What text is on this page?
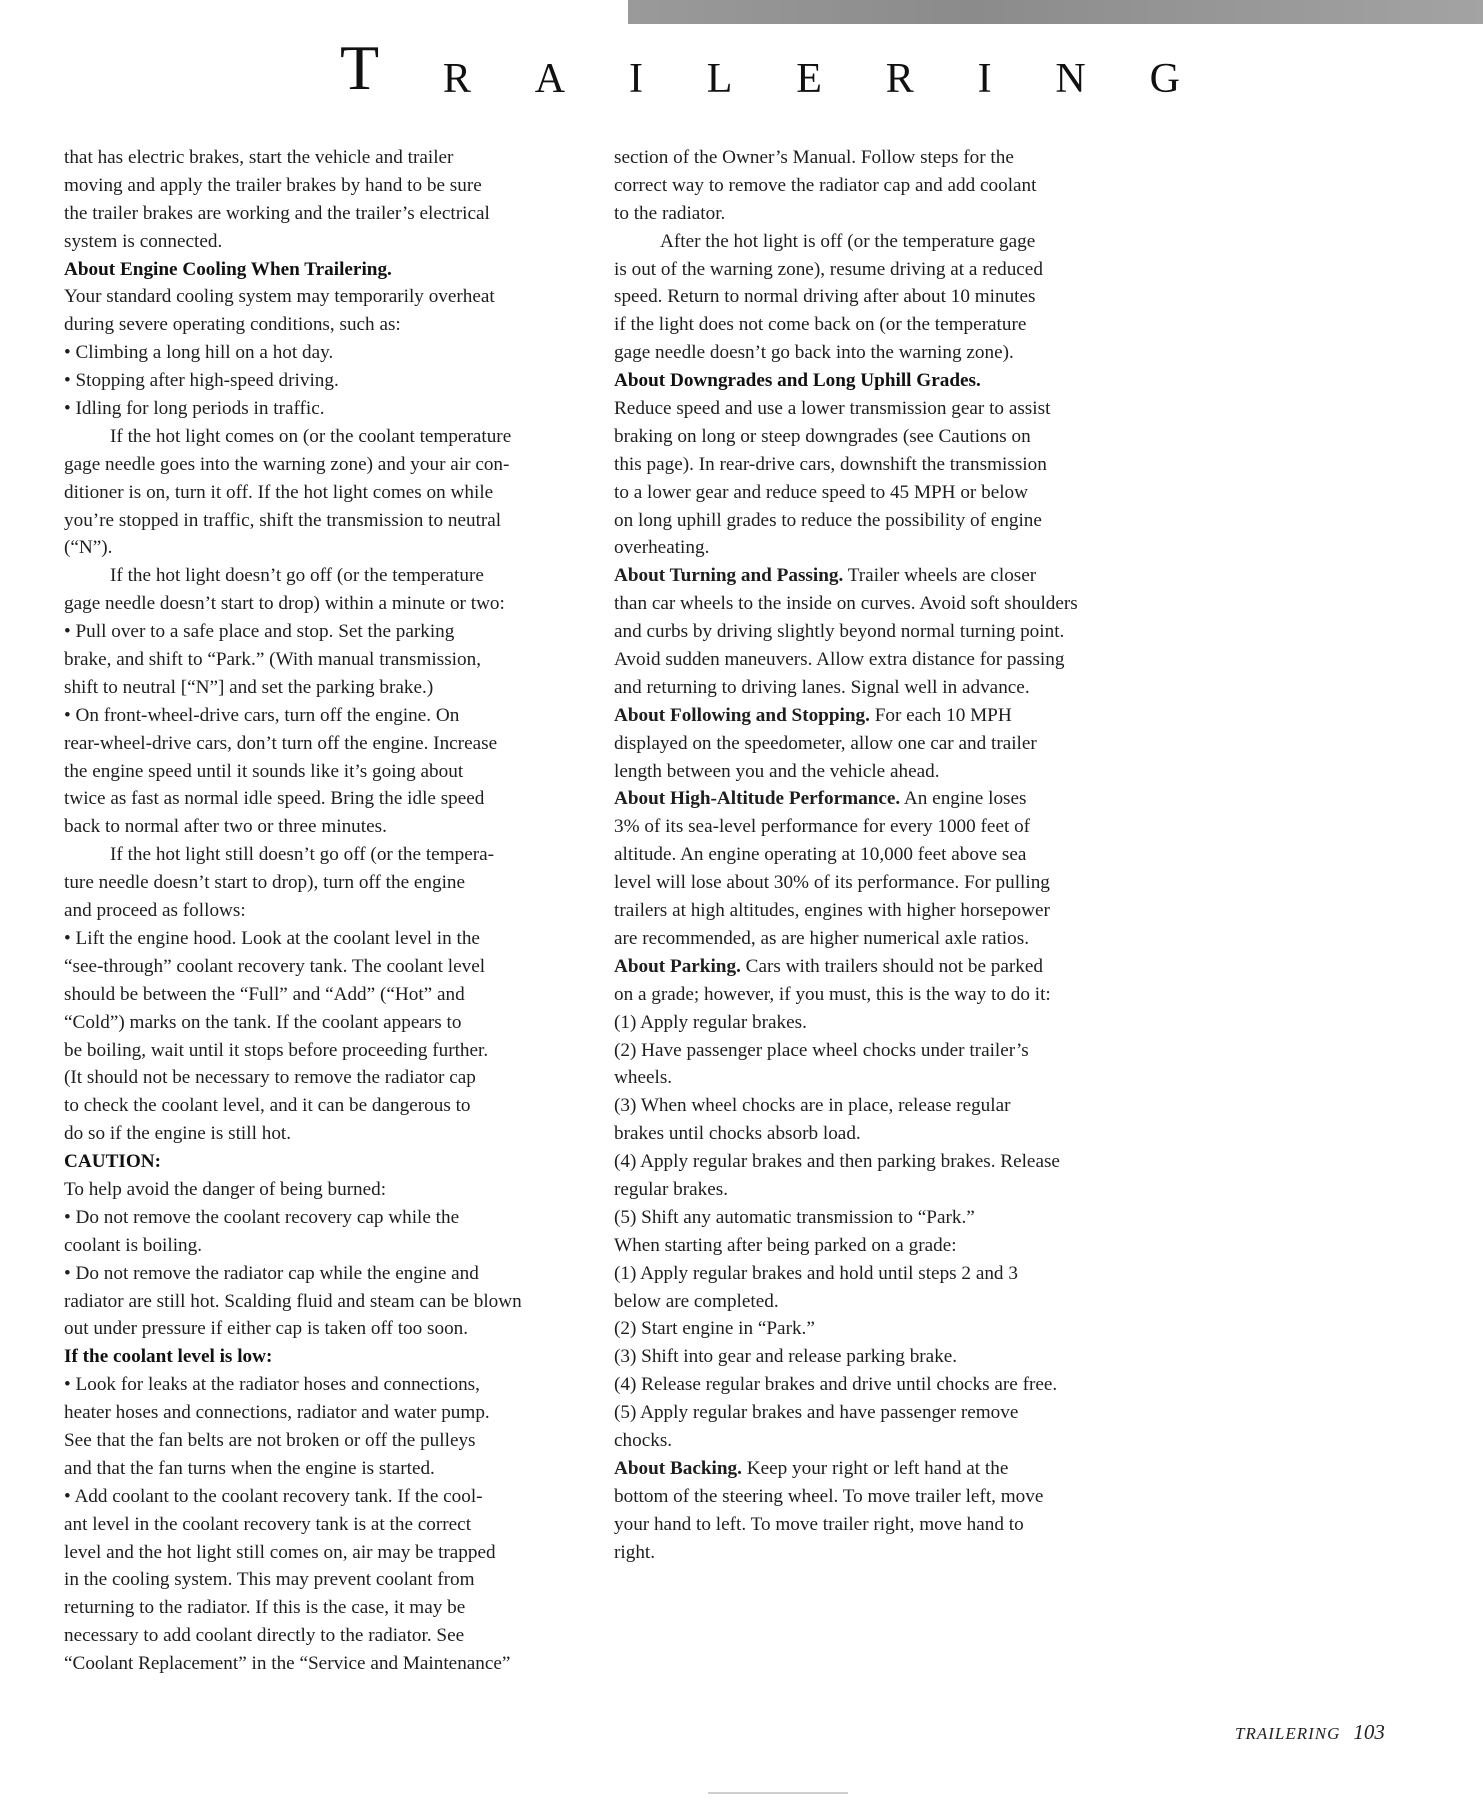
T R A I L E R I N G
that has electric brakes, start the vehicle and trailer
moving and apply the trailer brakes by hand to be sure
the trailer brakes are working and the trailer’s electrical
system is connected.
About Engine Cooling When Trailering.
Your standard cooling system may temporarily overheat
during severe operating conditions, such as:
• Climbing a long hill on a hot day.
• Stopping after high-speed driving.
• Idling for long periods in traffic.
If the hot light comes on (or the coolant temperature
gage needle goes into the warning zone) and your air con-
ditioner is on, turn it off. If the hot light comes on while
you’re stopped in traffic, shift the transmission to neutral
(“N”).
If the hot light doesn’t go off (or the temperature
gage needle doesn’t start to drop) within a minute or two:
• Pull over to a safe place and stop. Set the parking
brake, and shift to “Park.” (With manual transmission,
shift to neutral [“N”] and set the parking brake.)
• On front-wheel-drive cars, turn off the engine. On
rear-wheel-drive cars, don’t turn off the engine. Increase
the engine speed until it sounds like it’s going about
twice as fast as normal idle speed. Bring the idle speed
back to normal after two or three minutes.
If the hot light still doesn’t go off (or the tempera-
ture needle doesn’t start to drop), turn off the engine
and proceed as follows:
• Lift the engine hood. Look at the coolant level in the
“see-through” coolant recovery tank. The coolant level
should be between the “Full” and “Add” (“Hot” and
“Cold”) marks on the tank. If the coolant appears to
be boiling, wait until it stops before proceeding further.
(It should not be necessary to remove the radiator cap
to check the coolant level, and it can be dangerous to
do so if the engine is still hot.
CAUTION:
To help avoid the danger of being burned:
• Do not remove the coolant recovery cap while the
coolant is boiling.
• Do not remove the radiator cap while the engine and
radiator are still hot. Scalding fluid and steam can be blown
out under pressure if either cap is taken off too soon.
If the coolant level is low:
• Look for leaks at the radiator hoses and connections,
heater hoses and connections, radiator and water pump.
See that the fan belts are not broken or off the pulleys
and that the fan turns when the engine is started.
• Add coolant to the coolant recovery tank. If the cool-
ant level in the coolant recovery tank is at the correct
level and the hot light still comes on, air may be trapped
in the cooling system. This may prevent coolant from
returning to the radiator. If this is the case, it may be
necessary to add coolant directly to the radiator. See
“Coolant Replacement” in the “Service and Maintenance”
section of the Owner’s Manual. Follow steps for the
correct way to remove the radiator cap and add coolant
to the radiator.
After the hot light is off (or the temperature gage
is out of the warning zone), resume driving at a reduced
speed. Return to normal driving after about 10 minutes
if the light does not come back on (or the temperature
gage needle doesn’t go back into the warning zone).
About Downgrades and Long Uphill Grades.
Reduce speed and use a lower transmission gear to assist
braking on long or steep downgrades (see Cautions on
this page). In rear-drive cars, downshift the transmission
to a lower gear and reduce speed to 45 MPH or below
on long uphill grades to reduce the possibility of engine
overheating.
About Turning and Passing. Trailer wheels are closer
than car wheels to the inside on curves. Avoid soft shoulders
and curbs by driving slightly beyond normal turning point.
Avoid sudden maneuvers. Allow extra distance for passing
and returning to driving lanes. Signal well in advance.
About Following and Stopping. For each 10 MPH
displayed on the speedometer, allow one car and trailer
length between you and the vehicle ahead.
About High-Altitude Performance. An engine loses
3% of its sea-level performance for every 1000 feet of
altitude. An engine operating at 10,000 feet above sea
level will lose about 30% of its performance. For pulling
trailers at high altitudes, engines with higher horsepower
are recommended, as are higher numerical axle ratios.
About Parking. Cars with trailers should not be parked
on a grade; however, if you must, this is the way to do it:
(1) Apply regular brakes.
(2) Have passenger place wheel chocks under trailer’s
wheels.
(3) When wheel chocks are in place, release regular
brakes until chocks absorb load.
(4) Apply regular brakes and then parking brakes. Release
regular brakes.
(5) Shift any automatic transmission to “Park.”
When starting after being parked on a grade:
(1) Apply regular brakes and hold until steps 2 and 3
below are completed.
(2) Start engine in “Park.”
(3) Shift into gear and release parking brake.
(4) Release regular brakes and drive until chocks are free.
(5) Apply regular brakes and have passenger remove
chocks.
About Backing. Keep your right or left hand at the
bottom of the steering wheel. To move trailer left, move
your hand to left. To move trailer right, move hand to
right.
TRAILERING 103
